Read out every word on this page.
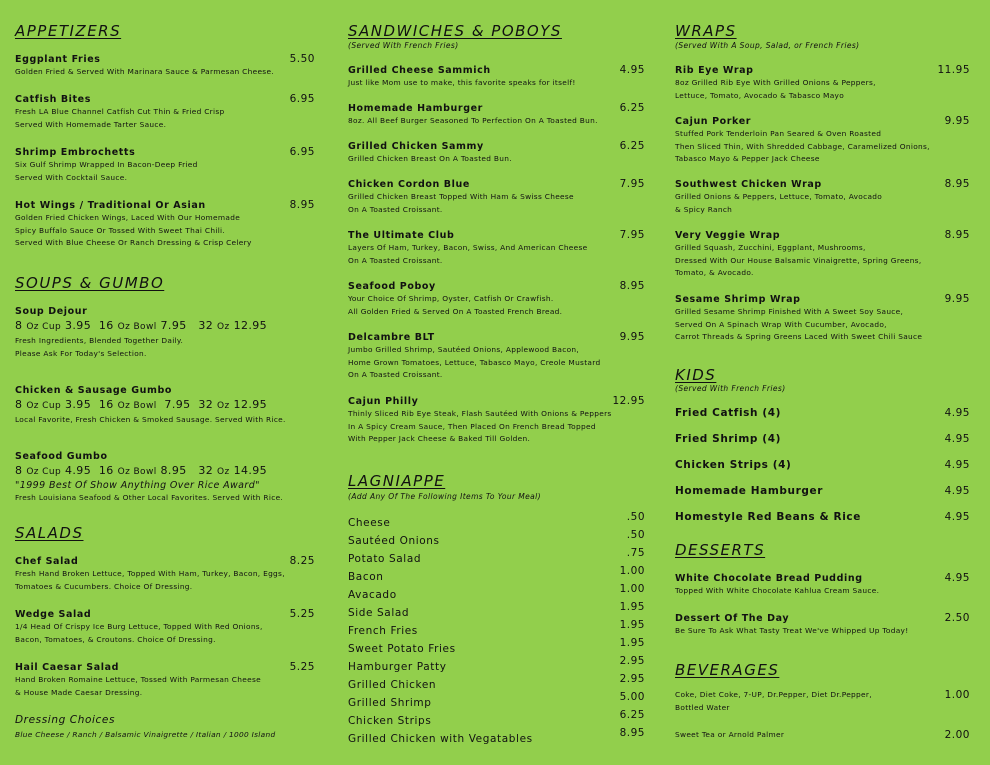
APPETIZERS
Eggplant Fries	5.50
Golden Fried & Served With Marinara Sauce & Parmesan Cheese.
Catfish Bites	6.95
Fresh LA Blue Channel Catfish Cut Thin & Fried Crisp
Served With Homemade Tarter Sauce.
Shrimp Embrochetts	6.95
Six Gulf Shrimp Wrapped In Bacon-Deep Fried
Served With Cocktail Sauce.
Hot Wings / Traditional Or Asian	8.95
Golden Fried Chicken Wings, Laced With Our Homemade
Spicy Buffalo Sauce Or Tossed With Sweet Thai Chili.
Served With Blue Cheese Or Ranch Dressing & Crisp Celery
SOUPS & GUMBO
Soup Dejour
8 Oz Cup 3.95 16 Oz Bowl 7.95 32 Oz 12.95
Fresh Ingredients, Blended Together Daily.
Please Ask For Today's Selection.
Chicken & Sausage Gumbo
8 Oz Cup 3.95 16 Oz Bowl 7.95 32 Oz 12.95
Local Favorite, Fresh Chicken & Smoked Sausage. Served With Rice.
Seafood Gumbo
8 Oz Cup 4.95 16 Oz Bowl 8.95 32 Oz 14.95
"1999 Best Of Show Anything Over Rice Award"
Fresh Louisiana Seafood & Other Local Favorites. Served With Rice.
SALADS
Chef Salad	8.25
Fresh Hand Broken Lettuce, Topped With Ham, Turkey, Bacon, Eggs,
Tomatoes & Cucumbers. Choice Of Dressing.
Wedge Salad	5.25
1/4 Head Of Crispy Ice Burg Lettuce, Topped With Red Onions,
Bacon, Tomatoes, & Croutons. Choice Of Dressing.
Hail Caesar Salad	5.25
Hand Broken Romaine Lettuce, Tossed With Parmesan Cheese
& House Made Caesar Dressing.
Dressing Choices
Blue Cheese / Ranch / Balsamic Vinaigrette / Italian / 1000 Island
SANDWICHES & POBOYS
(Served With French Fries)
Grilled Cheese Sammich	4.95
Just like Mom use to make, this favorite speaks for itself!
Homemade Hamburger	6.25
8oz. All Beef Burger Seasoned To Perfection On A Toasted Bun.
Grilled Chicken Sammy	6.25
Grilled Chicken Breast On A Toasted Bun.
Chicken Cordon Blue	7.95
Grilled Chicken Breast Topped With Ham & Swiss Cheese
On A Toasted Croissant.
The Ultimate Club	7.95
Layers Of Ham, Turkey, Bacon, Swiss, And American Cheese
On A Toasted Croissant.
Seafood Poboy	8.95
Your Choice Of Shrimp, Oyster, Catfish Or Crawfish.
All Golden Fried & Served On A Toasted French Bread.
Delcambre BLT	9.95
Jumbo Grilled Shrimp, Sautéed Onions, Applewood Bacon,
Home Grown Tomatoes, Lettuce, Tabasco Mayo, Creole Mustard
On A Toasted Croissant.
Cajun Philly	12.95
Thinly Sliced Rib Eye Steak, Flash Sautéed With Onions & Peppers
In A Spicy Cream Sauce, Then Placed On French Bread Topped
With Pepper Jack Cheese & Baked Till Golden.
LAGNIAPPE
(Add Any Of The Following Items To Your Meal)
Cheese	.50
Sautéed Onions	.50
Potato Salad	.75
Bacon	1.00
Avacado	1.00
Side Salad	1.95
French Fries	1.95
Sweet Potato Fries	1.95
Hamburger Patty	2.95
Grilled Chicken	2.95
Grilled Shrimp	5.00
Chicken Strips	6.25
Grilled Chicken with Vegatables	8.95
WRAPS
(Served With A Soup, Salad, or French Fries)
Rib Eye Wrap	11.95
8oz Grilled Rib Eye With Grilled Onions & Peppers,
Lettuce, Tomato, Avocado & Tabasco Mayo
Cajun Porker	9.95
Stuffed Pork Tenderloin Pan Seared & Oven Roasted
Then Sliced Thin, With Shredded Cabbage, Caramelized Onions,
Tabasco Mayo & Pepper Jack Cheese
Southwest Chicken Wrap	8.95
Grilled Onions & Peppers, Lettuce, Tomato, Avocado
& Spicy Ranch
Very Veggie Wrap	8.95
Grilled Squash, Zucchini, Eggplant, Mushrooms,
Dressed With Our House Balsamic Vinaigrette, Spring Greens,
Tomato, & Avocado.
Sesame Shrimp Wrap	9.95
Grilled Sesame Shrimp Finished With A Sweet Soy Sauce,
Served On A Spinach Wrap With Cucumber, Avocado,
Carrot Threads & Spring Greens Laced With Sweet Chili Sauce
KIDS
(Served With French Fries)
Fried Catfish (4)	4.95
Fried Shrimp (4)	4.95
Chicken Strips (4)	4.95
Homemade Hamburger	4.95
Homestyle Red Beans & Rice	4.95
DESSERTS
White Chocolate Bread Pudding	4.95
Topped With White Chocolate Kahlua Cream Sauce.
Dessert Of The Day	2.50
Be Sure To Ask What Tasty Treat We've Whipped Up Today!
BEVERAGES
Coke, Diet Coke, 7-UP, Dr.Pepper, Diet Dr.Pepper,
Bottled Water
1.00
Sweet Tea or Arnold Palmer	2.00
